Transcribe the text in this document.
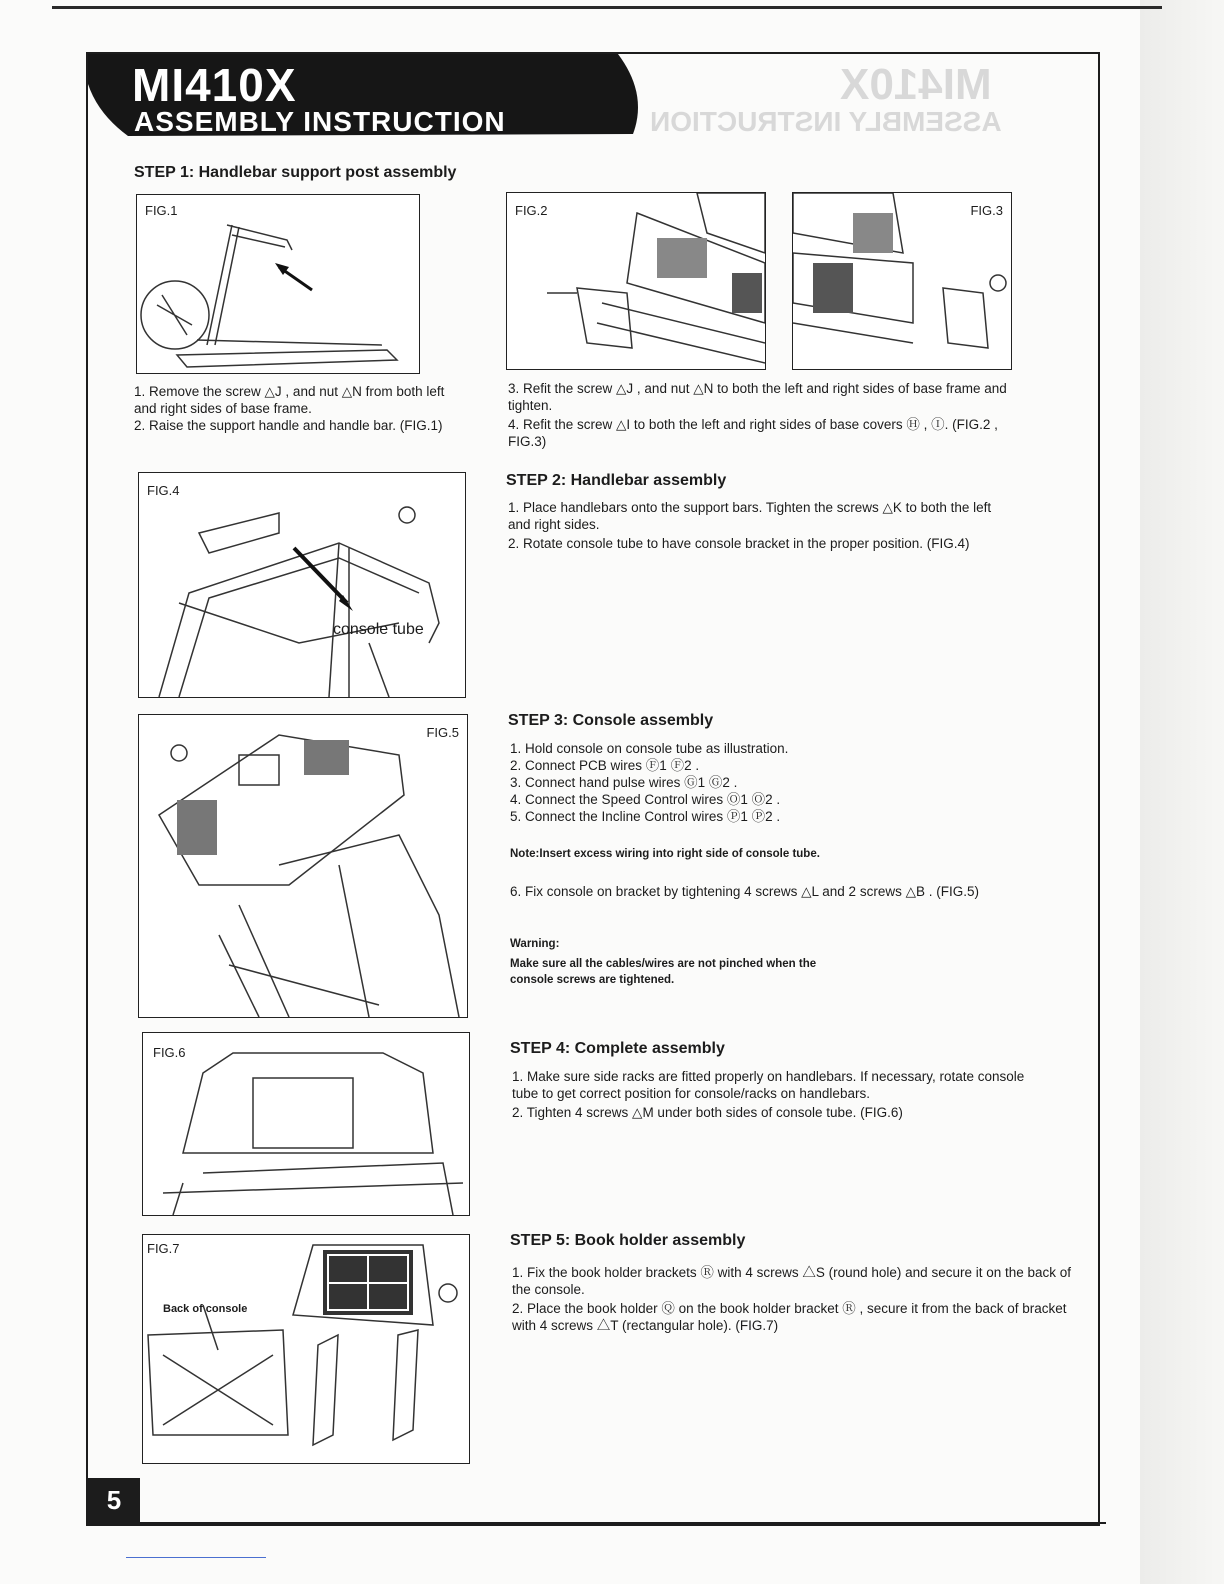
MI410X
ASSEMBLY INSTRUCTION
MI410X
ASSEMBLY INSTRUCTION
STEP 1: Handlebar support post assembly
FIG.1
1. Remove the screw △J , and nut △N from both left and right sides of base frame.
2. Raise the support handle and handle bar. (FIG.1)
FIG.2	FIG.3
3. Refit the screw △J , and nut △N to both the left and right sides of base frame and tighten.
4. Refit the screw △I to both the left and right sides of base covers Ⓗ , Ⓘ. (FIG.2 , FIG.3)
FIG.4
console tube
STEP 2: Handlebar assembly
1. Place handlebars onto the support bars. Tighten the screws △K to both the left and right sides.
2. Rotate console tube to have console bracket in the proper position. (FIG.4)
FIG.5
STEP 3: Console assembly
1. Hold console on console tube as illustration.
2. Connect PCB wires Ⓕ1 Ⓕ2 .
3. Connect hand pulse wires Ⓖ1 Ⓖ2 .
4. Connect the Speed Control wires Ⓞ1 Ⓞ2 .
5. Connect the Incline Control wires Ⓟ1 Ⓟ2 .
Note:Insert excess wiring into right side of console tube.
6. Fix console on bracket by tightening 4 screws △L and 2 screws △B . (FIG.5)
Warning:
Make sure all the cables/wires are not pinched when the console screws are tightened.
FIG.6	STEP 4: Complete assembly
1. Make sure side racks are fitted properly on handlebars. If necessary, rotate console tube to get correct position for console/racks on handlebars.
2. Tighten 4 screws △M under both sides of console tube. (FIG.6)
FIG.7
Back of console
STEP 5: Book holder assembly
1. Fix the book holder brackets Ⓡ with 4 screws △S (round hole) and secure it on the back of the console.
2. Place the book holder Ⓠ on the book holder bracket Ⓡ , secure it from the back of bracket with 4 screws △T (rectangular hole). (FIG.7)
5
